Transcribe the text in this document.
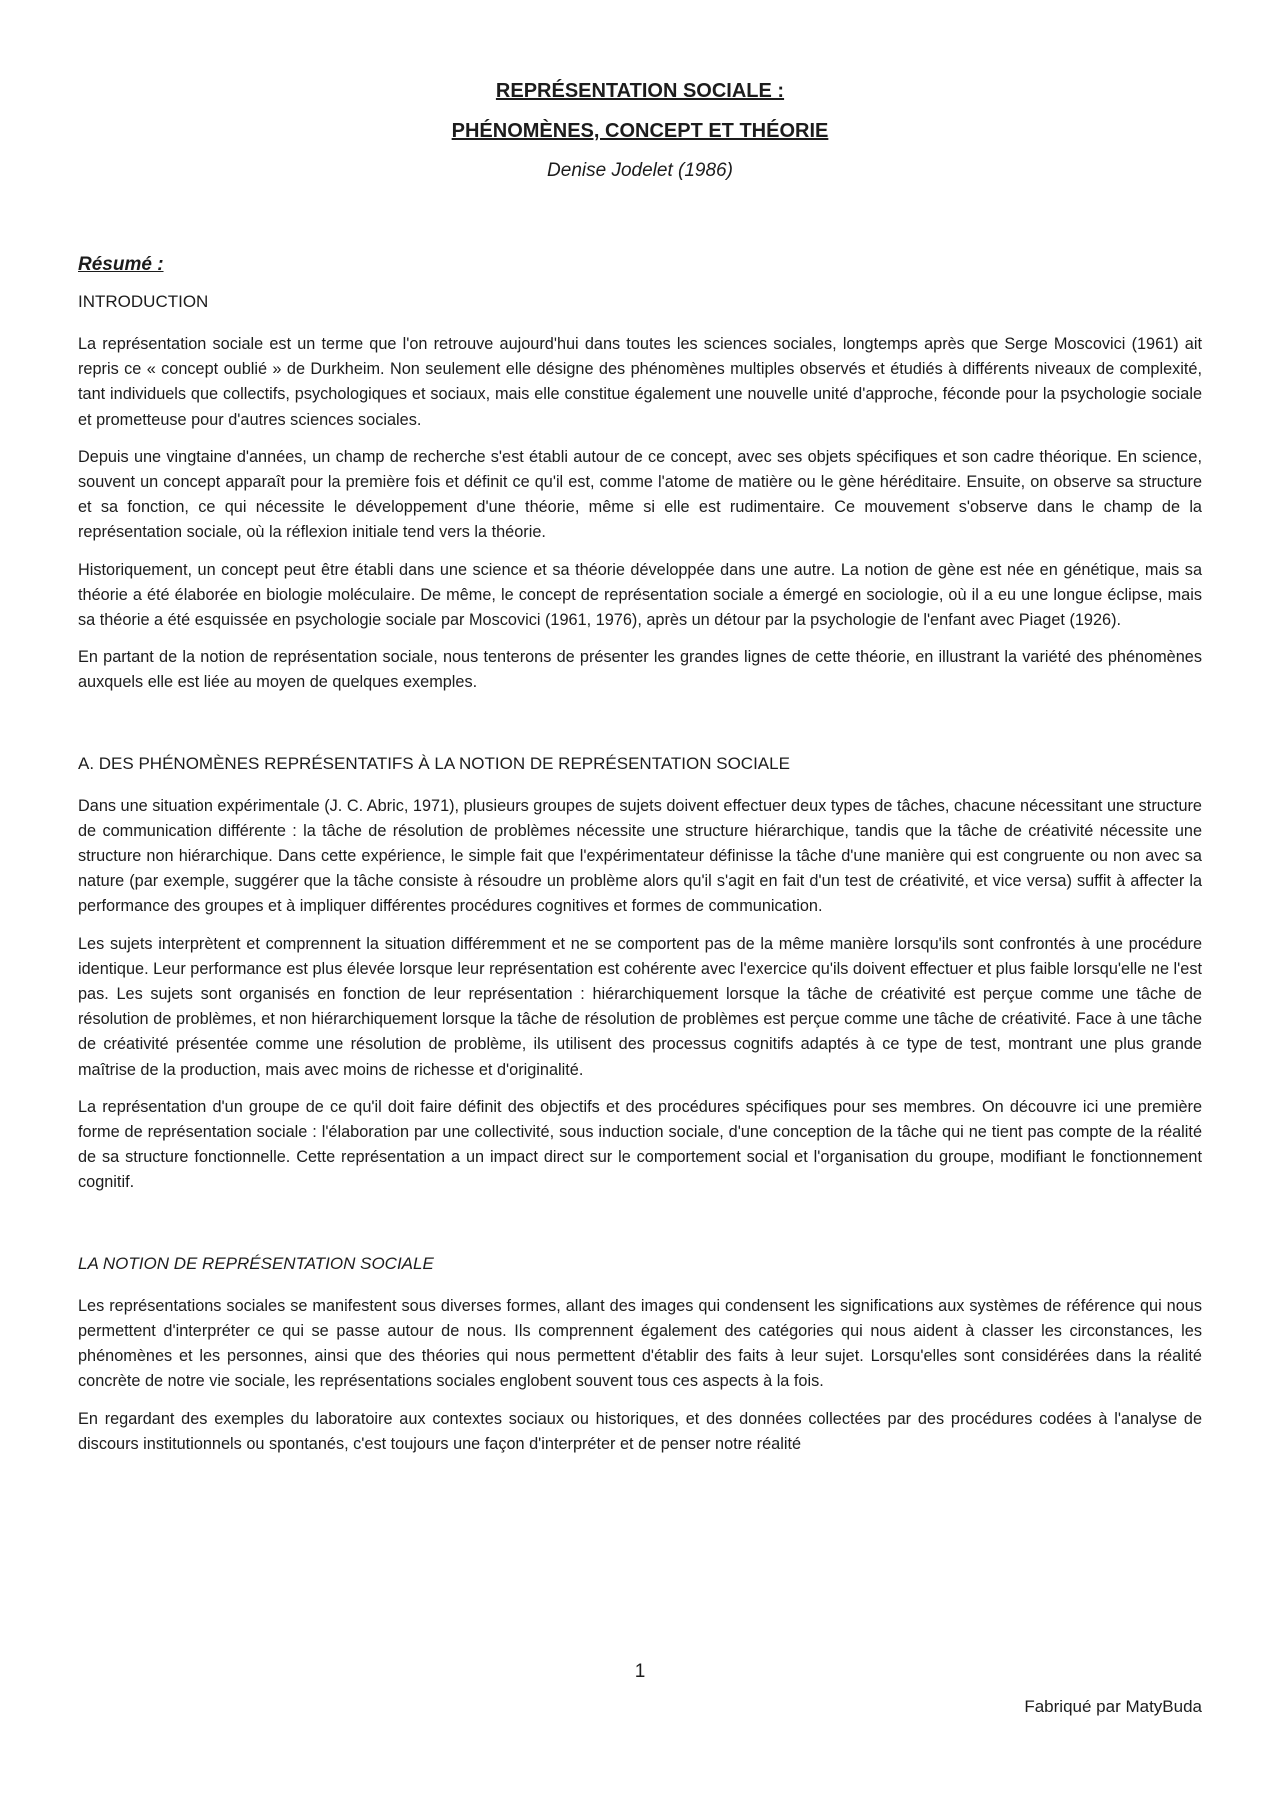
REPRÉSENTATION SOCIALE :
PHÉNOMÈNES, CONCEPT ET THÉORIE
Denise Jodelet (1986)
Résumé :
INTRODUCTION

La représentation sociale est un terme que l'on retrouve aujourd'hui dans toutes les sciences sociales, longtemps après que Serge Moscovici (1961) ait repris ce « concept oublié » de Durkheim. Non seulement elle désigne des phénomènes multiples observés et étudiés à différents niveaux de complexité, tant individuels que collectifs, psychologiques et sociaux, mais elle constitue également une nouvelle unité d'approche, féconde pour la psychologie sociale et prometteuse pour d'autres sciences sociales.

Depuis une vingtaine d'années, un champ de recherche s'est établi autour de ce concept, avec ses objets spécifiques et son cadre théorique. En science, souvent un concept apparaît pour la première fois et définit ce qu'il est, comme l'atome de matière ou le gène héréditaire. Ensuite, on observe sa structure et sa fonction, ce qui nécessite le développement d'une théorie, même si elle est rudimentaire. Ce mouvement s'observe dans le champ de la représentation sociale, où la réflexion initiale tend vers la théorie.

Historiquement, un concept peut être établi dans une science et sa théorie développée dans une autre. La notion de gène est née en génétique, mais sa théorie a été élaborée en biologie moléculaire. De même, le concept de représentation sociale a émergé en sociologie, où il a eu une longue éclipse, mais sa théorie a été esquissée en psychologie sociale par Moscovici (1961, 1976), après un détour par la psychologie de l'enfant avec Piaget (1926).

En partant de la notion de représentation sociale, nous tenterons de présenter les grandes lignes de cette théorie, en illustrant la variété des phénomènes auxquels elle est liée au moyen de quelques exemples.

A. DES PHÉNOMÈNES REPRÉSENTATIFS À LA NOTION DE REPRÉSENTATION SOCIALE

Dans une situation expérimentale (J. C. Abric, 1971), plusieurs groupes de sujets doivent effectuer deux types de tâches, chacune nécessitant une structure de communication différente : la tâche de résolution de problèmes nécessite une structure hiérarchique, tandis que la tâche de créativité nécessite une structure non hiérarchique. Dans cette expérience, le simple fait que l'expérimentateur définisse la tâche d'une manière qui est congruente ou non avec sa nature (par exemple, suggérer que la tâche consiste à résoudre un problème alors qu'il s'agit en fait d'un test de créativité, et vice versa) suffit à affecter la performance des groupes et à impliquer différentes procédures cognitives et formes de communication.

Les sujets interprètent et comprennent la situation différemment et ne se comportent pas de la même manière lorsqu'ils sont confrontés à une procédure identique. Leur performance est plus élevée lorsque leur représentation est cohérente avec l'exercice qu'ils doivent effectuer et plus faible lorsqu'elle ne l'est pas. Les sujets sont organisés en fonction de leur représentation : hiérarchiquement lorsque la tâche de créativité est perçue comme une tâche de résolution de problèmes, et non hiérarchiquement lorsque la tâche de résolution de problèmes est perçue comme une tâche de créativité. Face à une tâche de créativité présentée comme une résolution de problème, ils utilisent des processus cognitifs adaptés à ce type de test, montrant une plus grande maîtrise de la production, mais avec moins de richesse et d'originalité.

La représentation d'un groupe de ce qu'il doit faire définit des objectifs et des procédures spécifiques pour ses membres. On découvre ici une première forme de représentation sociale : l'élaboration par une collectivité, sous induction sociale, d'une conception de la tâche qui ne tient pas compte de la réalité de sa structure fonctionnelle. Cette représentation a un impact direct sur le comportement social et l'organisation du groupe, modifiant le fonctionnement cognitif.

LA NOTION DE REPRÉSENTATION SOCIALE

Les représentations sociales se manifestent sous diverses formes, allant des images qui condensent les significations aux systèmes de référence qui nous permettent d'interpréter ce qui se passe autour de nous. Ils comprennent également des catégories qui nous aident à classer les circonstances, les phénomènes et les personnes, ainsi que des théories qui nous permettent d'établir des faits à leur sujet. Lorsqu'elles sont considérées dans la réalité concrète de notre vie sociale, les représentations sociales englobent souvent tous ces aspects à la fois.

En regardant des exemples du laboratoire aux contextes sociaux ou historiques, et des données collectées par des procédures codées à l'analyse de discours institutionnels ou spontanés, c'est toujours une façon d'interpréter et de penser notre réalité

1
Fabriqué par MatyBuda
